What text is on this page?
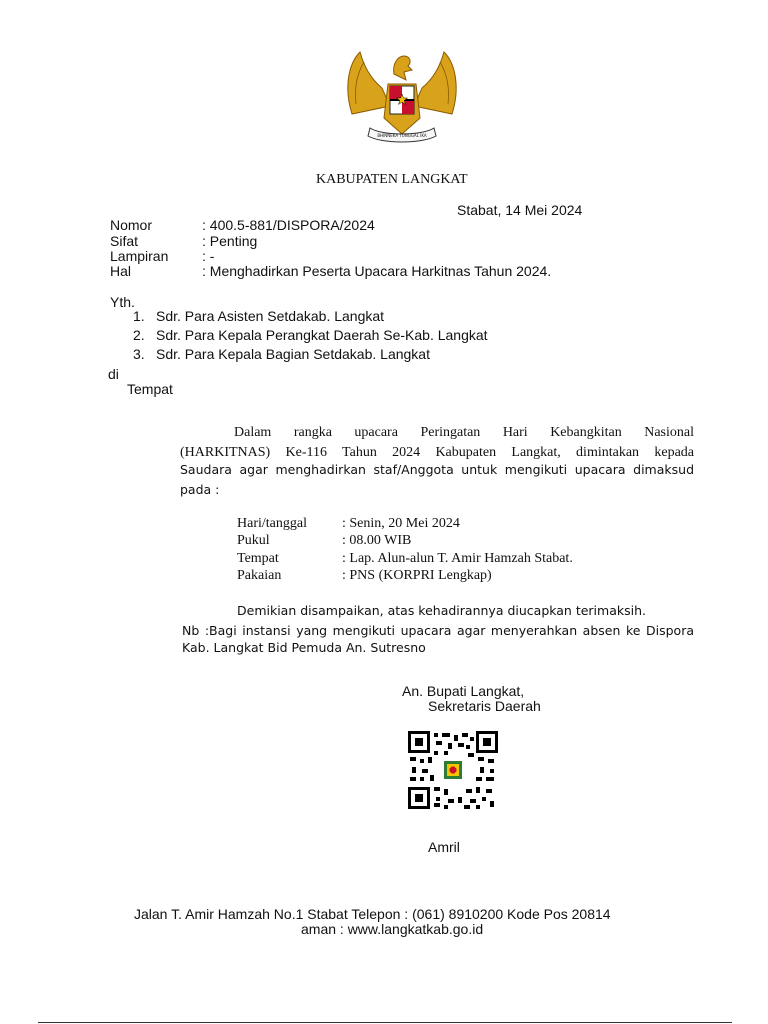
BHINNEKA TUNGGAL IKA
KABUPATEN LANGKAT
Stabat, 14 Mei 2024
Nomor	: 400.5-881/DISPORA/2024
Sifat	: Penting
Lampiran : -
Hal	: Menghadirkan Peserta Upacara Harkitnas Tahun 2024.
Yth.
1. Sdr. Para Asisten Setdakab. Langkat
2. Sdr. Para Kepala Perangkat Daerah Se-Kab. Langkat
3. Sdr. Para Kepala Bagian Setdakab. Langkat
di
Tempat
Dalam rangka upacara Peringatan Hari Kebangkitan Nasional
(HARKITNAS) Ke-116 Tahun 2024 Kabupaten Langkat, dimintakan kepada
Saudara agar menghadirkan staf/Anggota untuk mengikuti upacara dimaksud
pada :
Hari/tanggal	: Senin, 20 Mei 2024
Pukul	: 08.00 WIB
Tempat	: Lap. Alun-alun T. Amir Hamzah Stabat.
Pakaian	: PNS (KORPRI Lengkap)
Demikian disampaikan, atas kehadirannya diucapkan terimaksih.
Nb :Bagi instansi yang mengikuti upacara agar menyerahkan absen ke Dispora
Kab. Langkat Bid Pemuda An. Sutresno
An. Bupati Langkat,
Sekretaris Daerah
Amril
Jalan T. Amir Hamzah No.1 Stabat Telepon : (061) 8910200 Kode Pos 20814
aman : www.langkatkab.go.id
